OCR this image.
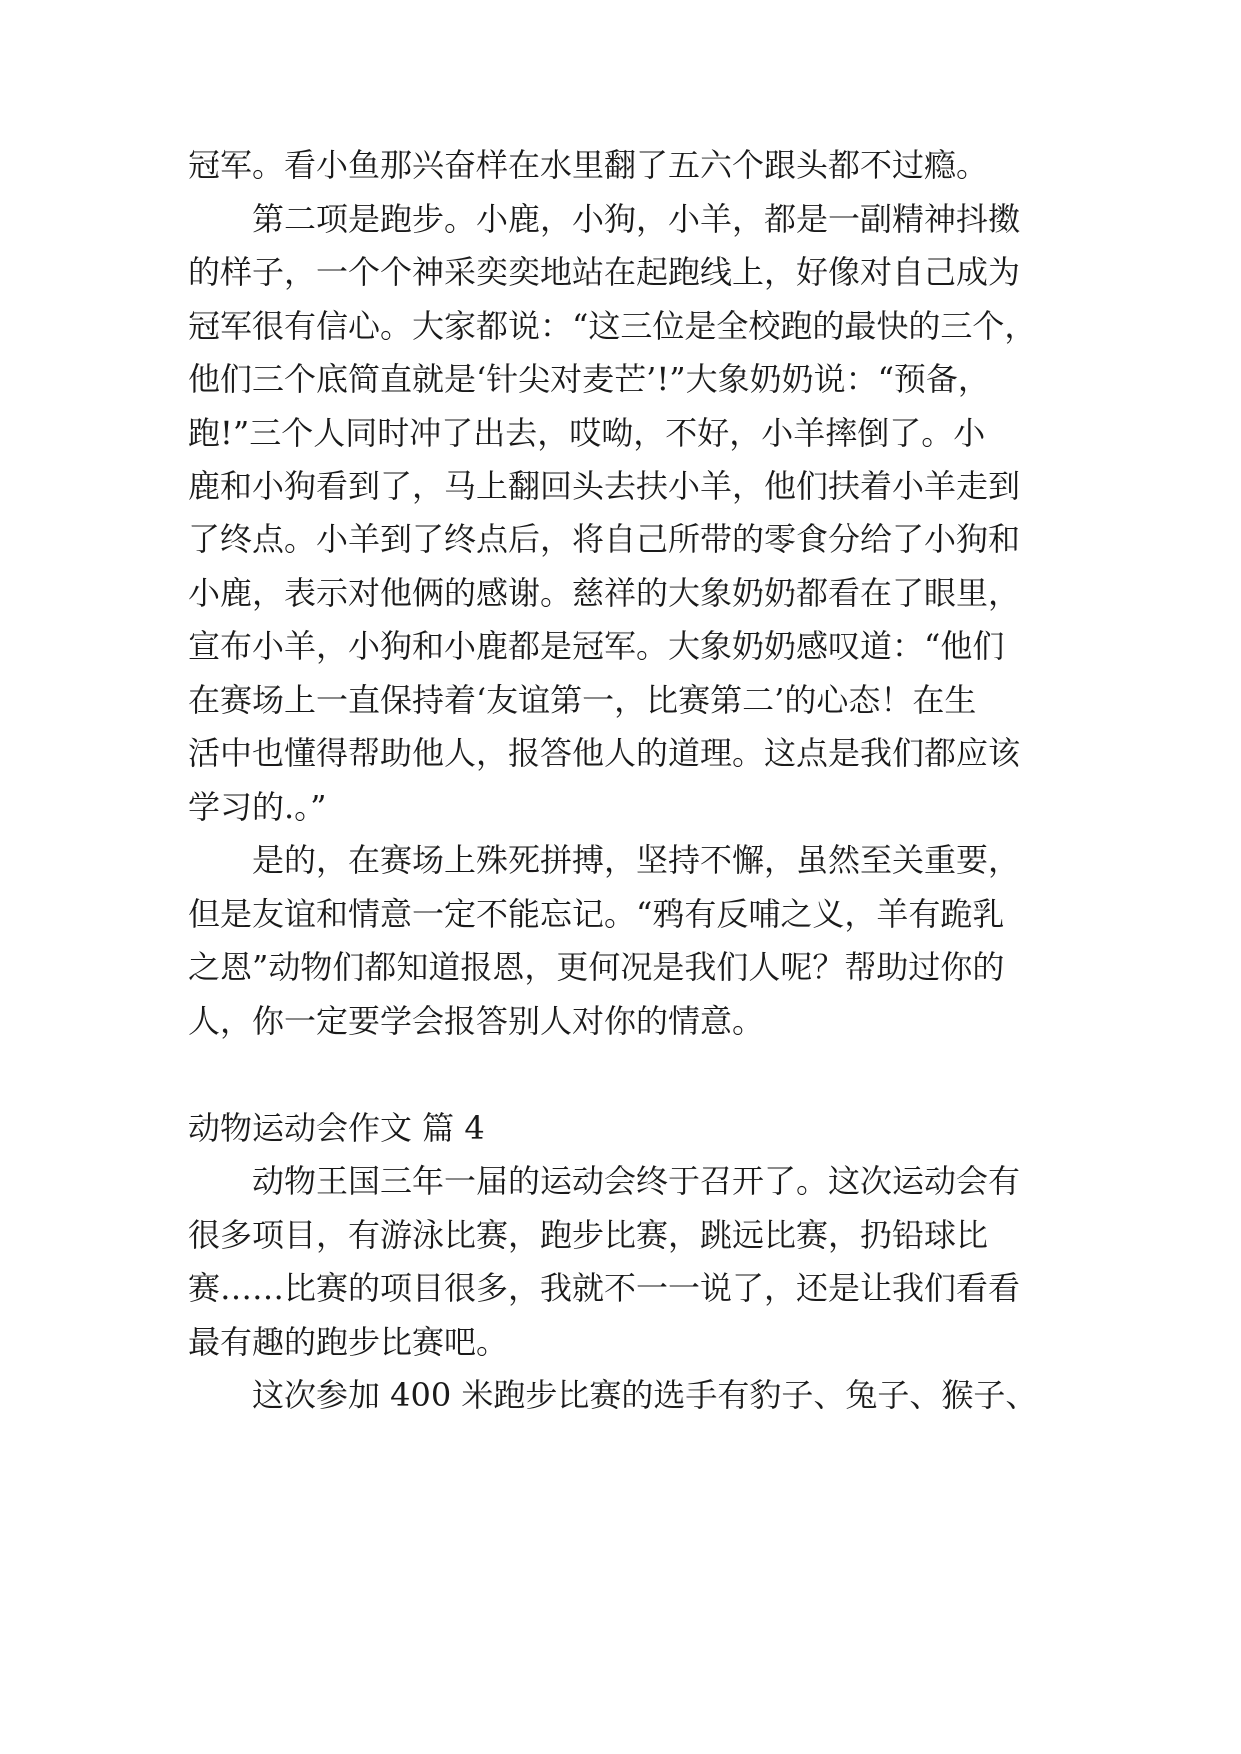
冠军。看小鱼那兴奋样在水里翻了五六个跟头都不过瘾。
第二项是跑步。小鹿，小狗，小羊，都是一副精神抖擞
的样子，一个个神采奕奕地站在起跑线上，好像对自己成为
冠军很有信心。大家都说：“这三位是全校跑的最快的三个，
他们三个底简直就是‘针尖对麦芒’!”大象奶奶说：“预备，
跑!”三个人同时冲了出去，哎呦，不好，小羊摔倒了。小
鹿和小狗看到了，马上翻回头去扶小羊，他们扶着小羊走到
了终点。小羊到了终点后，将自己所带的零食分给了小狗和
小鹿，表示对他俩的感谢。慈祥的大象奶奶都看在了眼里，
宣布小羊，小狗和小鹿都是冠军。大象奶奶感叹道：“他们
在赛场上一直保持着‘友谊第一，比赛第二’的心态！在生
活中也懂得帮助他人，报答他人的道理。这点是我们都应该
学习的.。”
是的，在赛场上殊死拼搏，坚持不懈，虽然至关重要，
但是友谊和情意一定不能忘记。“鸦有反哺之义，羊有跪乳
之恩”动物们都知道报恩，更何况是我们人呢？帮助过你的
人，你一定要学会报答别人对你的情意。
动物运动会作文 篇 4
动物王国三年一届的运动会终于召开了。这次运动会有
很多项目，有游泳比赛，跑步比赛，跳远比赛，扔铅球比
赛……比赛的项目很多，我就不一一说了，还是让我们看看
最有趣的跑步比赛吧。
这次参加 400 米跑步比赛的选手有豹子、兔子、猴子、
